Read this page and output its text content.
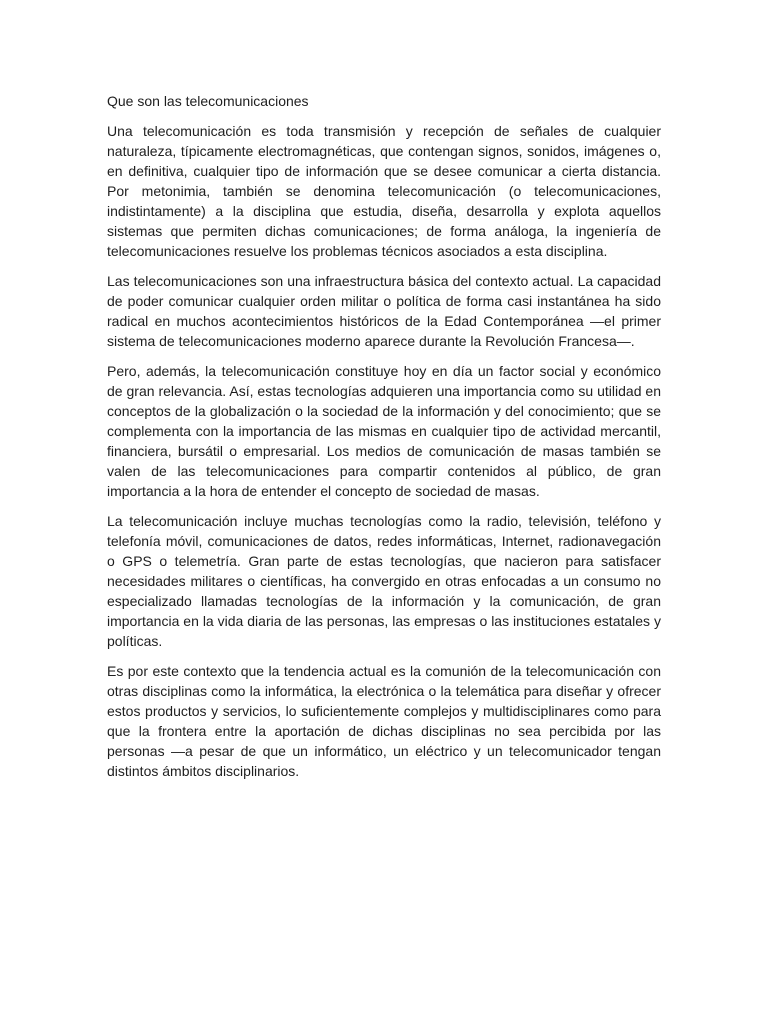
Que son las telecomunicaciones

Una telecomunicación es toda transmisión y recepción de señales de cualquier naturaleza, típicamente electromagnéticas, que contengan signos, sonidos, imágenes o, en definitiva, cualquier tipo de información que se desee comunicar a cierta distancia. Por metonimia, también se denomina telecomunicación (o telecomunicaciones, indistintamente) a la disciplina que estudia, diseña, desarrolla y explota aquellos sistemas que permiten dichas comunicaciones; de forma análoga, la ingeniería de telecomunicaciones resuelve los problemas técnicos asociados a esta disciplina.

Las telecomunicaciones son una infraestructura básica del contexto actual. La capacidad de poder comunicar cualquier orden militar o política de forma casi instantánea ha sido radical en muchos acontecimientos históricos de la Edad Contemporánea —el primer sistema de telecomunicaciones moderno aparece durante la Revolución Francesa—.

Pero, además, la telecomunicación constituye hoy en día un factor social y económico de gran relevancia. Así, estas tecnologías adquieren una importancia como su utilidad en conceptos de la globalización o la sociedad de la información y del conocimiento; que se complementa con la importancia de las mismas en cualquier tipo de actividad mercantil, financiera, bursátil o empresarial. Los medios de comunicación de masas también se valen de las telecomunicaciones para compartir contenidos al público, de gran importancia a la hora de entender el concepto de sociedad de masas.

La telecomunicación incluye muchas tecnologías como la radio, televisión, teléfono y telefonía móvil, comunicaciones de datos, redes informáticas, Internet, radionavegación o GPS o telemetría. Gran parte de estas tecnologías, que nacieron para satisfacer necesidades militares o científicas, ha convergido en otras enfocadas a un consumo no especializado llamadas tecnologías de la información y la comunicación, de gran importancia en la vida diaria de las personas, las empresas o las instituciones estatales y políticas.

Es por este contexto que la tendencia actual es la comunión de la telecomunicación con otras disciplinas como la informática, la electrónica o la telemática para diseñar y ofrecer estos productos y servicios, lo suficientemente complejos y multidisciplinares como para que la frontera entre la aportación de dichas disciplinas no sea percibida por las personas —a pesar de que un informático, un eléctrico y un telecomunicador tengan distintos ámbitos disciplinarios.
